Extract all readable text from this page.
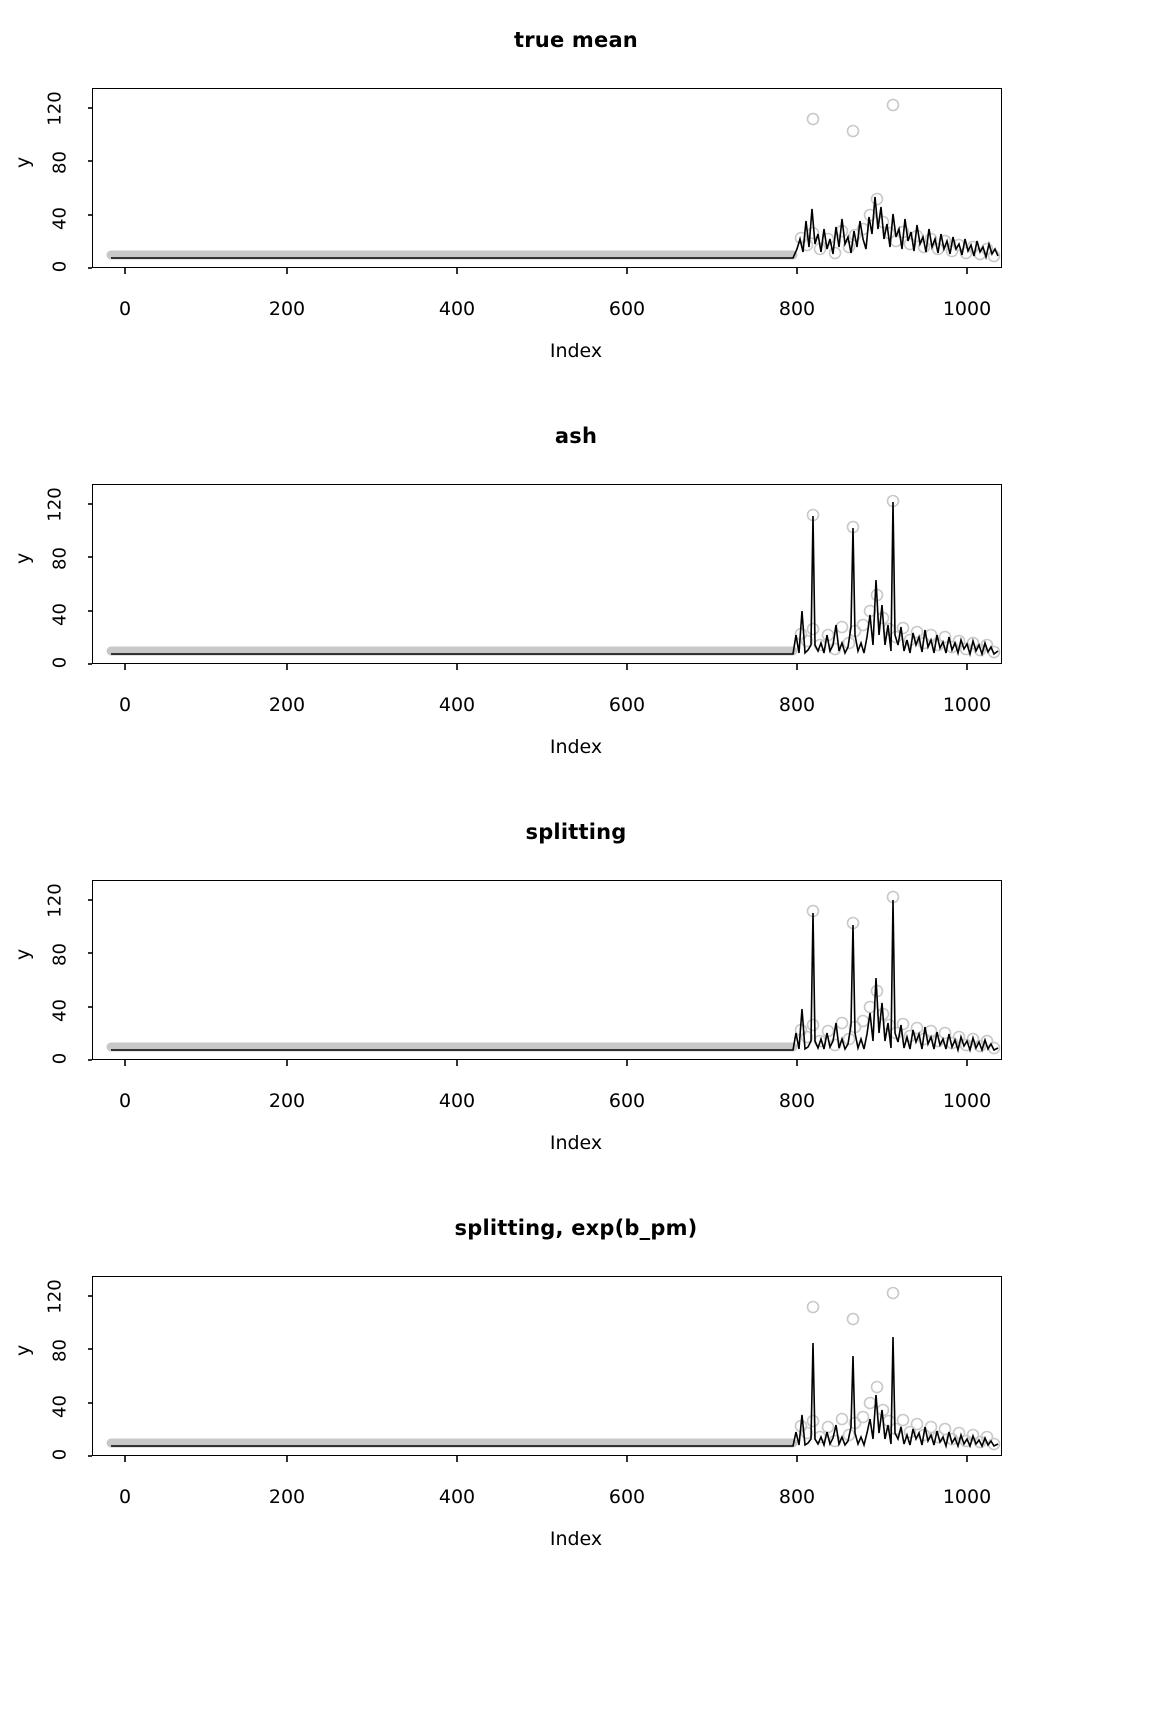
true mean
y
Index
0
40
80
120
0	200	400	600	800	1000
ash
y
Index
0
40
80
120
0	200	400	600	800	1000
splitting
y
Index
0
40
80
120
0	200	400	600	800	1000
splitting, exp(b_pm)
y
Index
0
40
80
120
0	200	400	600	800	1000
